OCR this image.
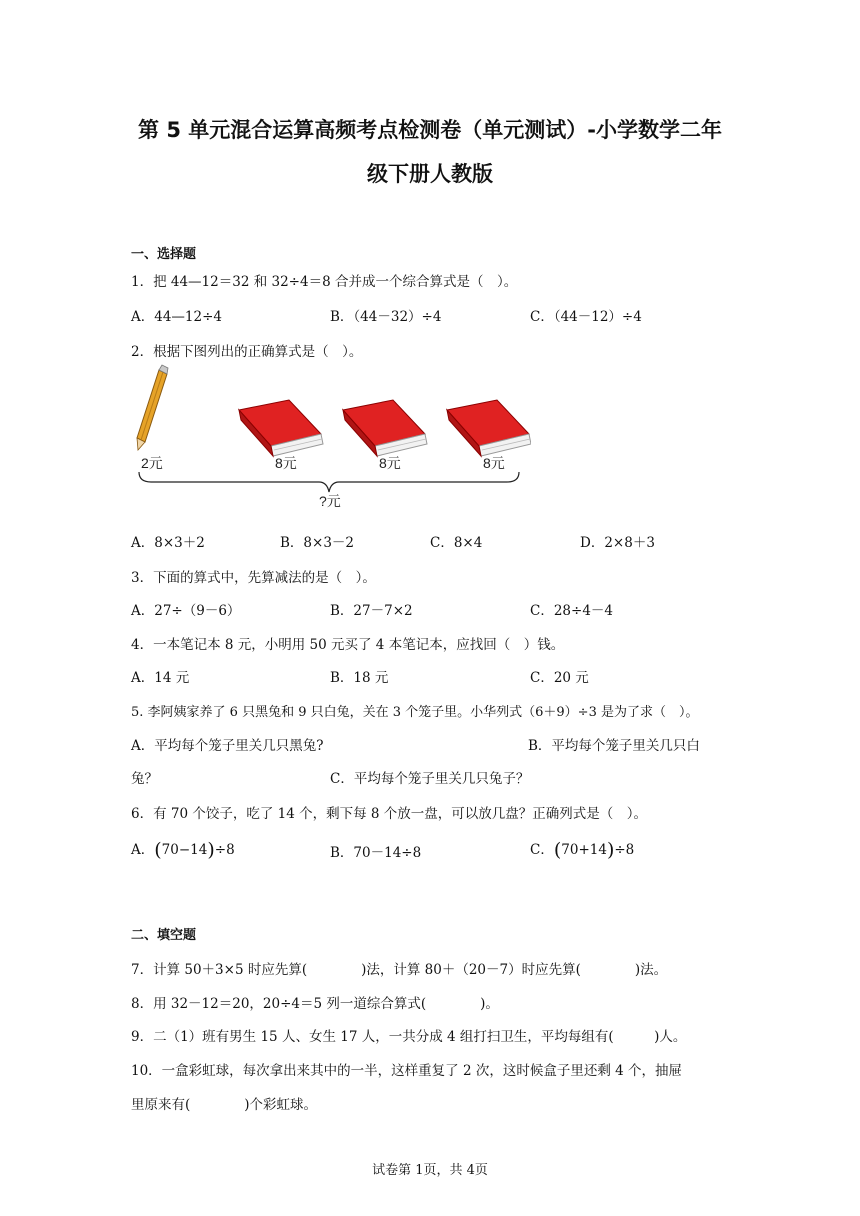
第 5 单元混合运算高频考点检测卷（单元测试）-小学数学二年
级下册人教版
一、选择题
1．把 44—12＝32 和 32÷4＝8 合并成一个综合算式是（　）。
A．44—12÷4	B．（44－32）÷4	C．（44－12）÷4
2．根据下图列出的正确算式是（　）。
2元	8元	8元	8元
?元
A．8×3＋2	B．8×3－2	C．8×4	D．2×8＋3
3．下面的算式中，先算减法的是（　）。
A．27÷（9－6）	B．27－7×2	C．28÷4－4
4．一本笔记本 8 元，小明用 50 元买了 4 本笔记本，应找回（　）钱。
A．14 元	B．18 元	C．20 元
5. 李阿姨家养了 6 只黑兔和 9 只白兔，关在 3 个笼子里。小华列式（6＋9）÷3 是为了求（　）。
A．平均每个笼子里关几只黑兔?	B．平均每个笼子里关几只白
兔？	C．平均每个笼子里关几只兔子？
6．有 70 个饺子，吃了 14 个，剩下每 8 个放一盘，可以放几盘？正确列式是（　）。
A．(70−14)÷8	B．70－14÷8	C．(70+14)÷8
二、填空题
7．计算 50＋3×5 时应先算(　　　　)法，计算 80＋（20－7）时应先算(　　　　)法。
8．用 32－12＝20，20÷4＝5 列一道综合算式(　　　　)。
9．二（1）班有男生 15 人、女生 17 人，一共分成 4 组打扫卫生，平均每组有(　　　)人。
10．一盒彩虹球，每次拿出来其中的一半，这样重复了 2 次，这时候盒子里还剩 4 个，抽屉
里原来有(　　　　)个彩虹球。
试卷第 1页，共 4页
